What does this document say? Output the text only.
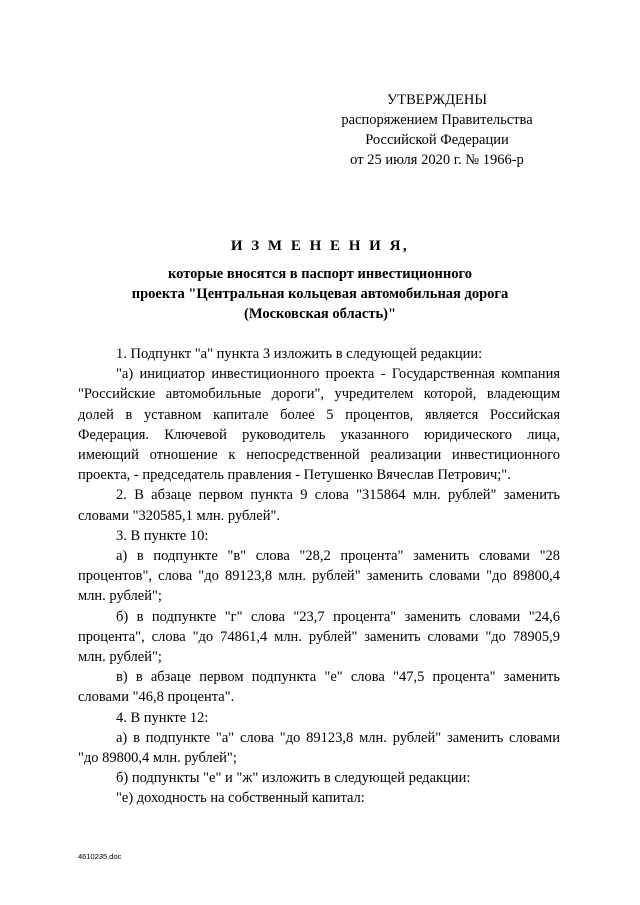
УТВЕРЖДЕНЫ
распоряжением Правительства
Российской Федерации
от 25 июля 2020 г. № 1966-р
И З М Е Н Е Н И Я,
которые вносятся в паспорт инвестиционного
проекта "Центральная кольцевая автомобильная дорога
(Московская область)"

1. Подпункт "а" пункта 3 изложить в следующей редакции:

"а) инициатор инвестиционного проекта - Государственная компания "Российские автомобильные дороги", учредителем которой, владеющим долей в уставном капитале более 5 процентов, является Российская Федерация. Ключевой руководитель указанного юридического лица, имеющий отношение к непосредственной реализации инвестиционного проекта, - председатель правления - Петушенко Вячеслав Петрович;".

2. В абзаце первом пункта 9 слова "315864 млн. рублей" заменить словами "320585,1 млн. рублей".

3. В пункте 10:

а) в подпункте "в" слова "28,2 процента" заменить словами "28 процентов", слова "до 89123,8 млн. рублей" заменить словами "до 89800,4 млн. рублей";

б) в подпункте "г" слова "23,7 процента" заменить словами "24,6 процента", слова "до 74861,4 млн. рублей" заменить словами "до 78905,9 млн. рублей";

в) в абзаце первом подпункта "е" слова "47,5 процента" заменить словами "46,8 процента".

4. В пункте 12:

а) в подпункте "а" слова "до 89123,8 млн. рублей" заменить словами "до 89800,4 млн. рублей";

б) подпункты "е" и "ж" изложить в следующей редакции:

"е) доходность на собственный капитал:

4610235.doc
